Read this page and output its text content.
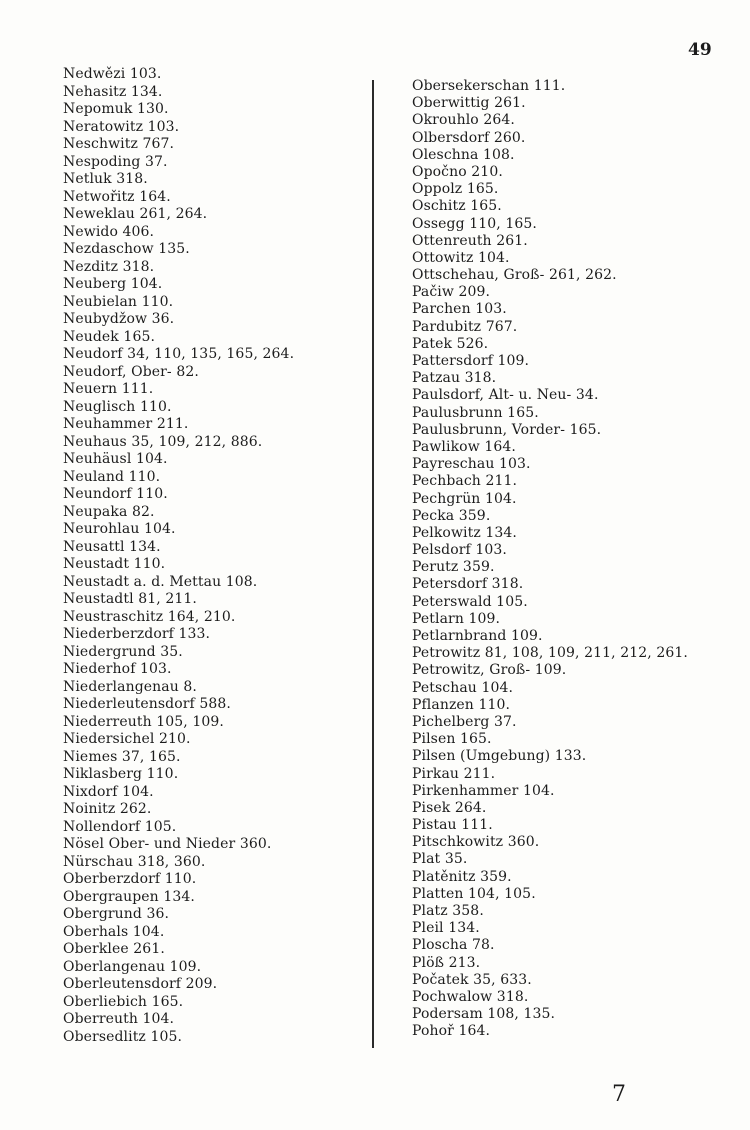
49
Nedwězi 103.
Nehasitz 134.
Nepomuk 130.
Neratowitz 103.
Neschwitz 767.
Nespoding 37.
Netluk 318.
Netwořitz 164.
Neweklau 261, 264.
Newido 406.
Nezdaschow 135.
Nezditz 318.
Neuberg 104.
Neubielan 110.
Neubydžow 36.
Neudek 165.
Neudorf 34, 110, 135, 165, 264.
Neudorf, Ober- 82.
Neuern 111.
Neuglisch 110.
Neuhammer 211.
Neuhaus 35, 109, 212, 886.
Neuhäusl 104.
Neuland 110.
Neundorf 110.
Neupaka 82.
Neurohlau 104.
Neusattl 134.
Neustadt 110.
Neustadt a. d. Mettau 108.
Neustadtl 81, 211.
Neustraschitz 164, 210.
Niederberzdorf 133.
Niedergrund 35.
Niederhof 103.
Niederlangenau 8.
Niederleutensdorf 588.
Niederreuth 105, 109.
Niedersichel 210.
Niemes 37, 165.
Niklasberg 110.
Nixdorf 104.
Noinitz 262.
Nollendorf 105.
Nösel Ober- und Nieder 360.
Nürschau 318, 360.
Oberberzdorf 110.
Obergraupen 134.
Obergrund 36.
Oberhals 104.
Oberklee 261.
Oberlangenau 109.
Oberleutensdorf 209.
Oberliebich 165.
Oberreuth 104.
Obersedlitz 105.
Obersekerschan 111.
Oberwittig 261.
Okrouhlo 264.
Olbersdorf 260.
Oleschna 108.
Opočno 210.
Oppolz 165.
Oschitz 165.
Ossegg 110, 165.
Ottenreuth 261.
Ottowitz 104.
Ottschehau, Groß- 261, 262.
Pačiw 209.
Parchen 103.
Pardubitz 767.
Patek 526.
Pattersdorf 109.
Patzau 318.
Paulsdorf, Alt- u. Neu- 34.
Paulusbrunn 165.
Paulusbrunn, Vorder- 165.
Pawlikow 164.
Payreschau 103.
Pechbach 211.
Pechgrün 104.
Pecka 359.
Pelkowitz 134.
Pelsdorf 103.
Perutz 359.
Petersdorf 318.
Peterswald 105.
Petlarn 109.
Petlarnbrand 109.
Petrowitz 81, 108, 109, 211, 212, 261.
Petrowitz, Groß- 109.
Petschau 104.
Pflanzen 110.
Pichelberg 37.
Pilsen 165.
Pilsen (Umgebung) 133.
Pirkau 211.
Pirkenhammer 104.
Pisek 264.
Pistau 111.
Pitschkowitz 360.
Plat 35.
Platěnitz 359.
Platten 104, 105.
Platz 358.
Pleil 134.
Ploscha 78.
Plöß 213.
Počatek 35, 633.
Pochwalow 318.
Podersam 108, 135.
Pohoř 164.
7
